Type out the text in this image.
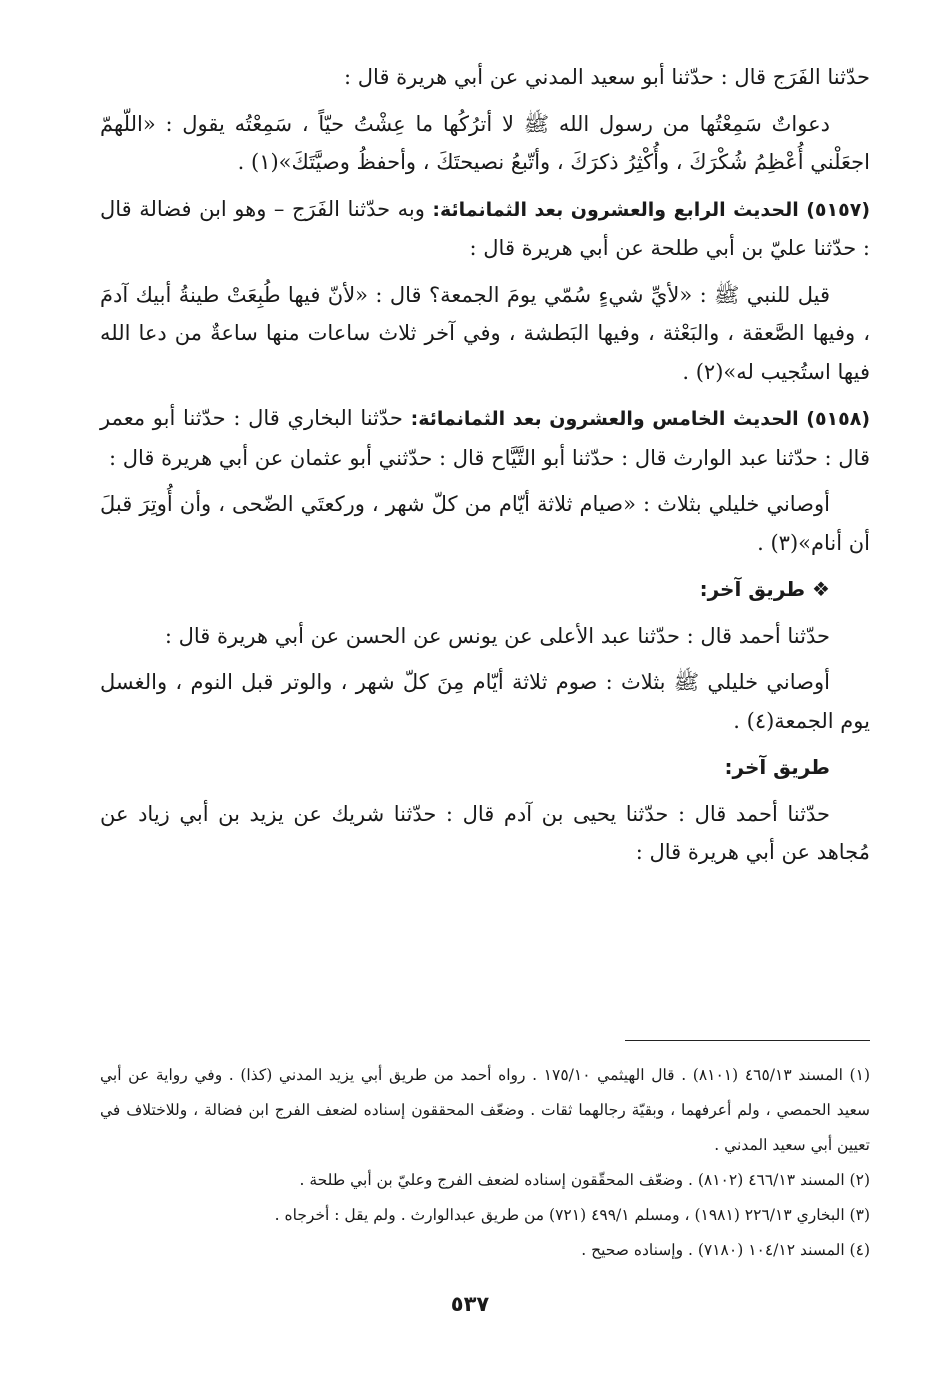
حدّثنا الفَرَج قال : حدّثنا أبو سعيد المدني عن أبي هريرة قال :

دعواتٌ سَمِعْتُها من رسول الله ﷺ لا أترُكُها ما عِشْتُ حيّاً ، سَمِعْتُه يقول : «اللّهمّ اجعَلْني أُعْظِمُ شُكْرَكَ ، وأُكْثِرُ ذكرَكَ ، وأتّبعُ نصيحتَكَ ، وأحفظُ وصيَّتَكَ»(١) .

(٥١٥٧) الحديث الرابع والعشرون بعد الثمانمائة: وبه حدّثنا الفَرَج – وهو ابن فضالة قال : حدّثنا عليّ بن أبي طلحة عن أبي هريرة قال :

قيل للنبي ﷺ : «لأيِّ شيءٍ سُمّي يومَ الجمعة؟ قال : «لأنّ فيها طُبِعَتْ طينةُ أبيك آدمَ ، وفيها الصَّعقة ، والبَعْثة ، وفيها البَطشة ، وفي آخر ثلاث ساعات منها ساعةٌ من دعا الله فيها استُجيب له»(٢) .

(٥١٥٨) الحديث الخامس والعشرون بعد الثمانمائة: حدّثنا البخاري قال : حدّثنا أبو معمر قال : حدّثنا عبد الوارث قال : حدّثنا أبو التَّيَّاح قال : حدّثني أبو عثمان عن أبي هريرة قال :

أوصاني خليلي بثلاث : «صيام ثلاثة أيّام من كلّ شهر ، وركعتَي الضّحى ، وأن أُوتِرَ قبلَ أن أنام»(٣) .

❖ طريق آخر:

حدّثنا أحمد قال : حدّثنا عبد الأعلى عن يونس عن الحسن عن أبي هريرة قال :

أوصاني خليلي ﷺ بثلاث : صوم ثلاثة أيّام مِنَ كلّ شهر ، والوتر قبل النوم ، والغسل يوم الجمعة(٤) .

طريق آخر:

حدّثنا أحمد قال : حدّثنا يحيى بن آدم قال : حدّثنا شريك عن يزيد بن أبي زياد عن مُجاهد عن أبي هريرة قال :

(١) المسند ٤٦٥/١٣ (٨١٠١) . قال الهيثمي ١٧٥/١٠ . رواه أحمد من طريق أبي يزيد المدني (كذا) . وفي رواية عن أبي سعيد الحمصي ، ولم أعرفهما ، وبقيّة رجالهما ثقات . وضعّف المحققون إسناده لضعف الفرج ابن فضالة ، وللاختلاف في تعيين أبي سعيد المدني .

(٢) المسند ٤٦٦/١٣ (٨١٠٢) . وضعّف المحقّقون إسناده لضعف الفرج وعليّ بن أبي طلحة .

(٣) البخاري ٢٢٦/١٣ (١٩٨١) ، ومسلم ٤٩٩/١ (٧٢١) من طريق عبدالوارث . ولم يقل : أخرجاه .

(٤) المسند ١٠٤/١٢ (٧١٨٠) . وإسناده صحيح .

٥٣٧
